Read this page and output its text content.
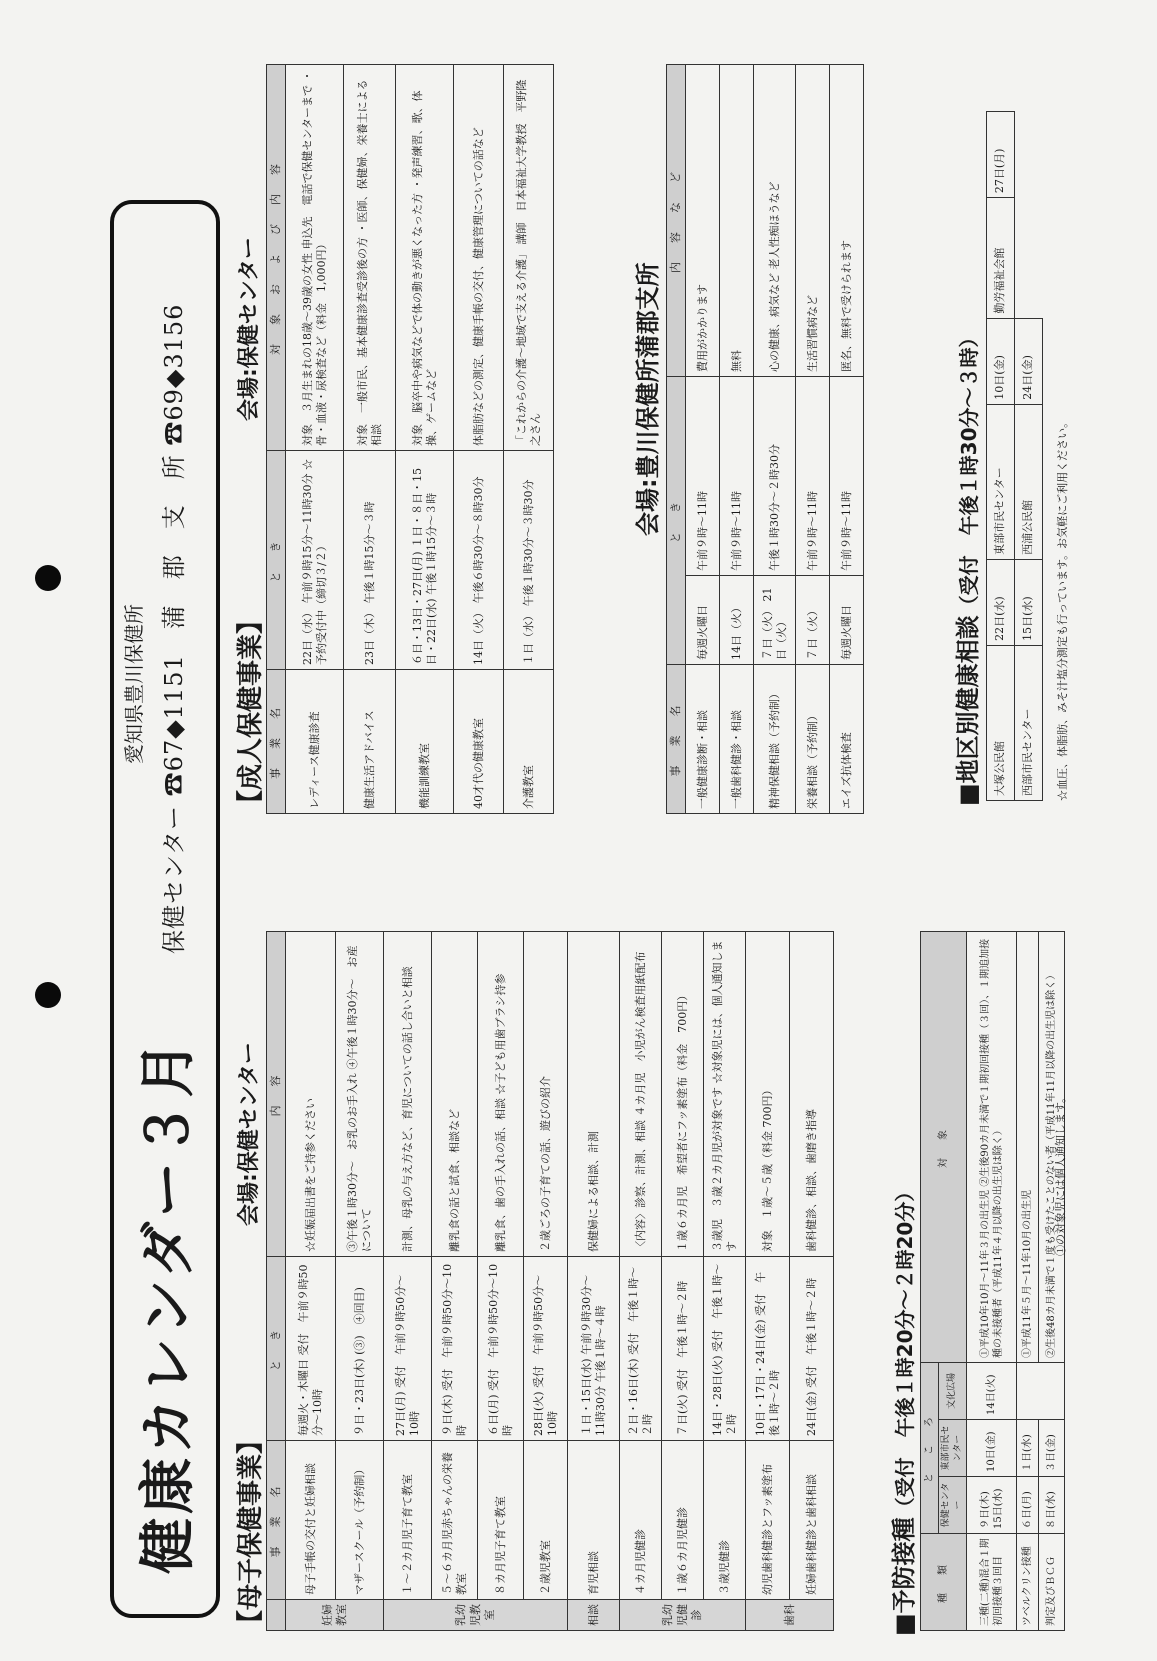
健康カレンダー３月
愛知県豊川保健所 保健センター ☎67◆1151　蒲　郡　支　所 ☎69◆3156
【母子保健事業】
会場:保健センター
	事　業　名	と　き	内　容
妊婦教室	母子手帳の交付と妊婦相談	毎週火・木曜日 受付　午前９時50分～10時	☆妊娠届出書をご持参ください
	マザースクール（予約制）	９日・23日(木) (③)　④回目)	③午後１時30分～　お乳のお手入れ ④午後１時30分～　お産について
乳幼児教室	１～２カ月児子育て教室	27日(月) 受付　午前９時50分～10時	計測、母乳の与え方など、育児についての話し合いと相談
	５～６カ月児赤ちゃんの栄養教室	９日(木) 受付　午前９時50分～10時	離乳食の話と試食、相談など
	８カ月児子育て教室	６日(月) 受付　午前９時50分～10時	離乳食、歯の手入れの話、相談 ☆子ども用歯ブラシ持参
	２歳児教室	28日(火) 受付　午前９時50分～10時	２歳ごろの子育ての話、遊びの紹介
相談	育児相談	１日・15日(水) 午前９時30分～11時30分 午後１時～４時	保健婦による相談、計測
乳幼児健診	４カ月児健診	２日・16日(木) 受付　午後１時～２時	〈内容〉診察、計測、相談 ４カ月児　小児がん検査用紙配布
	１歳６カ月児健診	７日(火) 受付　午後１時～２時	１歳６カ月児　希望者にフッ素塗布（料金　700円）
	３歳児健診	14日・28日(火) 受付　午後１時～２時	３歳児　３歳２カ月児が対象です ☆対象児には、個人通知します
歯科	幼児歯科健診とフッ素塗布	10日・17日・24日(金) 受付　午後１時～２時	対象　１歳～５歳（料金 700円）
	妊婦歯科健診と歯科相談	24日(金) 受付　午後１時～２時	歯科健診、相談、歯磨き指導
■予防接種（受付　午後１時20分～２時20分）
種　類	と　こ　ろ			対　象
	保健センター	東部市民センター	文化広場	
三種(二種)混合１期初回接種３回目	９日(木) 15日(水)	10日(金)	14日(火)	①平成10年10月～11年３月の出生児 ②生後90カ月未満で１期初回接種（３回）、１期追加接種の未接種者（平成11年４月以降の出生児は除く）
ツベルクリン接種	６日(月)	１日(水)		①平成11年５月～11年10月の出生児
判定及びＢＣＧ	８日(水)	３日(金)		②生後48カ月未満で１度も受けたことのない者（平成11年11月以降の出生児は除く）
①の対象児には個人通知します。
【成人保健事業】
会場:保健センター
事　業　名	と　き	対　象　お　よ　び　内　容
レディース健康診査	22日（水） 午前９時15分～11時30分 ☆予約受付中（締切３/２）	対象　３月生まれの18歳～39歳の女性 申込先　電話で保健センターまで ・骨・血液・尿検査など（料金　1,000円）
健康生活アドバイス	23日（木） 午後１時15分～３時	対象　一般市民、基本健康診査受診後の方 ・医師、保健婦、栄養士による相談
機能訓練教室	６日・13日・27日(月) １日・８日・15日・22日(水) 午後１時15分～３時	対象　脳卒中や病気などで体の動きが悪くなった方 ・発声練習、歌、体操、ゲームなど
40才代の健康教室	14日（火） 午後６時30分～８時30分	体脂肪などの測定、健康手帳の交付、健康管理についての話など
介護教室	１日（水） 午後１時30分～３時30分	「これからの介護～地域で支える介護」 講師　日本福祉大学教授　平野隆之さん	会場:豊川保健所蒲郡支所
事　業　名	と　き		内　容　な　ど
一般健康診断・相談	毎週火曜日	午前９時～11時	費用がかかります
一般歯科健診・相談	14日（火）	午前９時～11時	無料
精神保健相談（予約制）	７日（火） 21日（火）	午後１時30分～２時30分	心の健康、病気など 老人性痴ほうなど
栄養相談（予約制）	７日（火）	午前９時～11時	生活習慣病など
エイズ抗体検査	毎週火曜日	午前９時～11時	匿名、無料で受けられます
■地区別健康相談（受付　午後１時30分～３時）
大塚公民館	22日(水)	東部市民センター	10日(金)	勤労福祉会館	27日(月)
西部市民センター	15日(水)	西浦公民館	24日(金)		
☆血圧、体脂肪、みそ汁塩分測定も行っています。お気軽にご利用ください。
